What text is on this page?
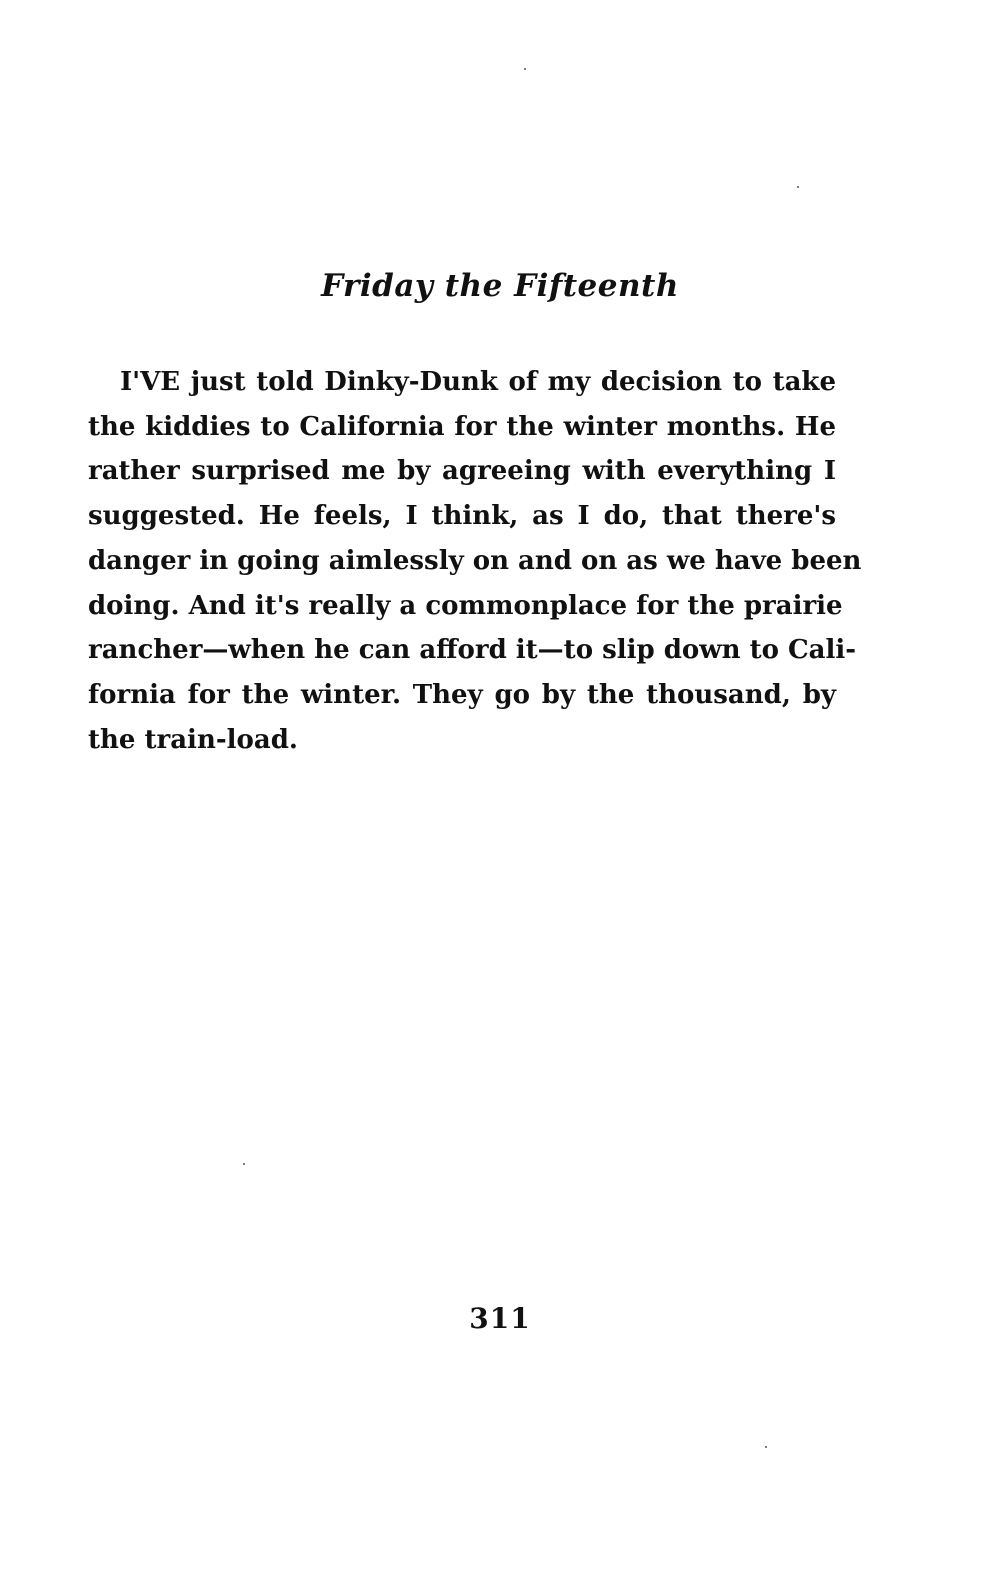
Friday the Fifteenth
I'VE just told Dinky-Dunk of my decision to take
the kiddies to California for the winter months. He
rather surprised me by agreeing with everything I
suggested. He feels, I think, as I do, that there's
danger in going aimlessly on and on as we have been
doing. And it's really a commonplace for the prairie
rancher—when he can afford it—to slip down to Cali-
fornia for the winter. They go by the thousand, by
the train-load.
311
